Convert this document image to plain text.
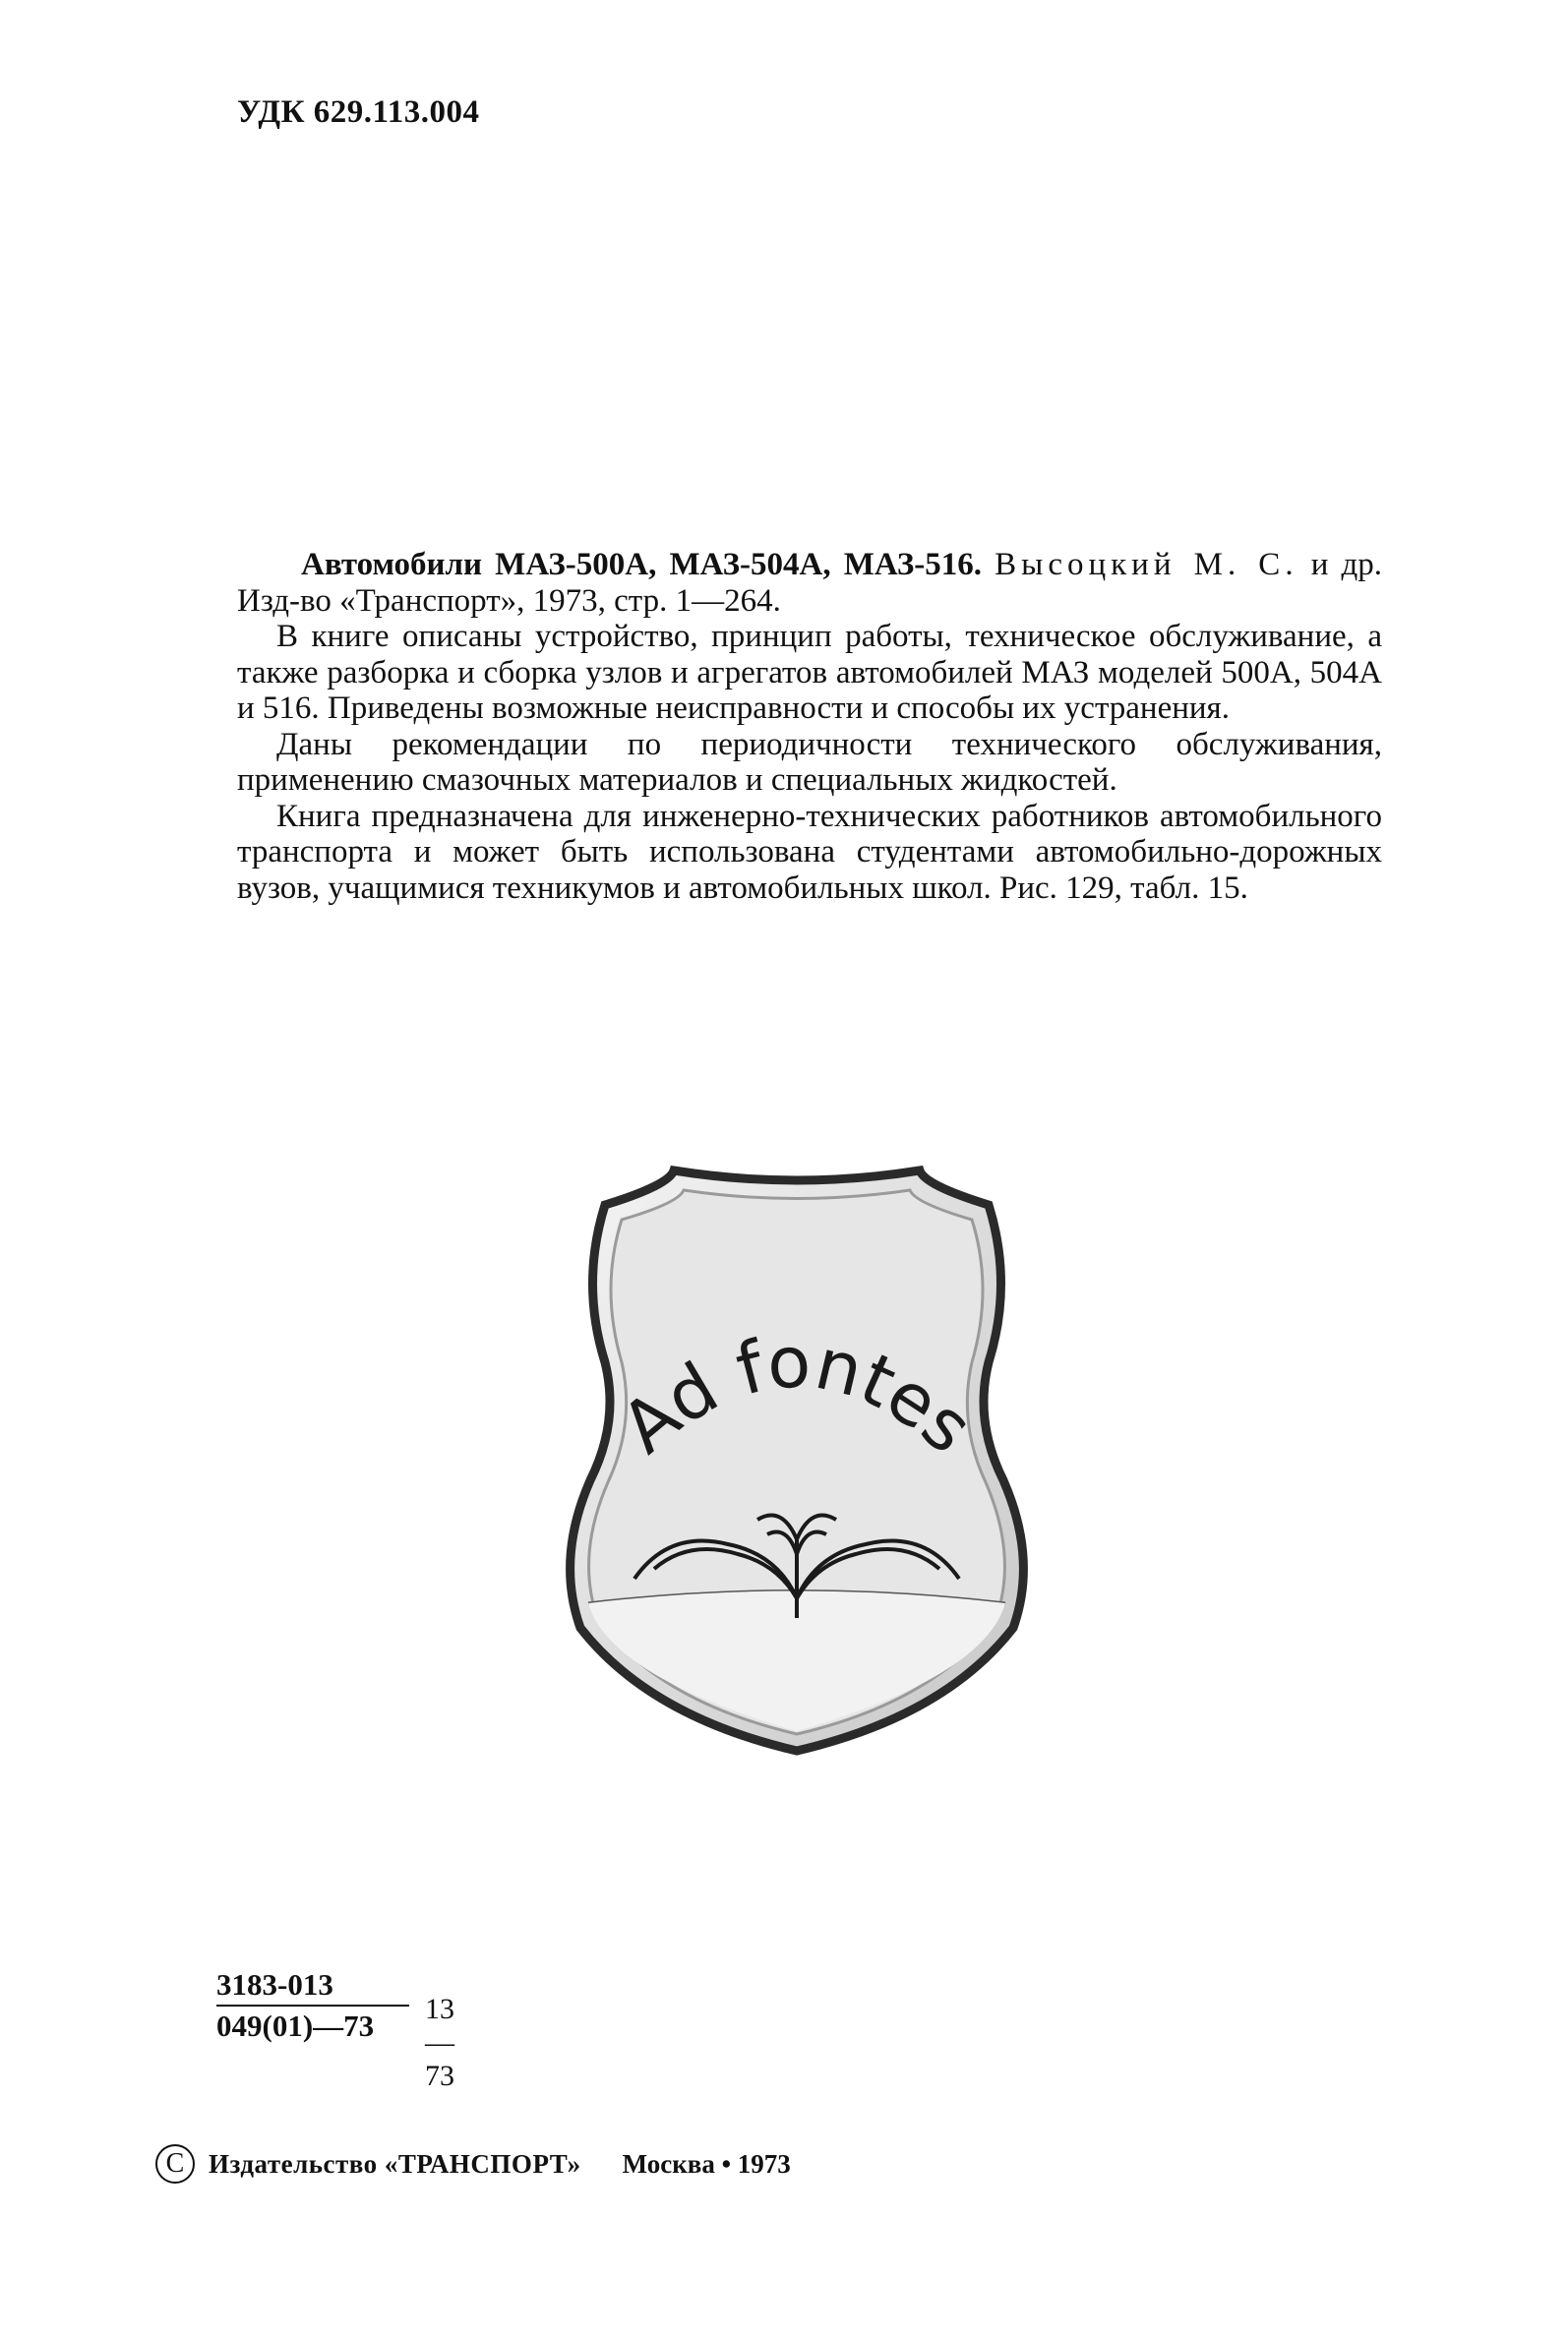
УДК 629.113.004

Автомобили МАЗ-500А, МАЗ-504А, МАЗ-516. Высоцкий М. С. и др. Изд-во «Транспорт», 1973, стр. 1—264.

В книге описаны устройство, принцип работы, техническое обслуживание, а также разборка и сборка узлов и агрегатов автомобилей МАЗ моделей 500А, 504А и 516. Приведены возможные неисправности и способы их устранения.

Даны рекомендации по периодичности технического обслуживания, применению смазочных материалов и специальных жидкостей.

Книга предназначена для инженерно-технических работников автомобильного транспорта и может быть использована студентами автомобильно-дорожных вузов, учащимися техникумов и автомобильных школ. Рис. 129, табл. 15.

Ad fontes
3183-013
049(01)—73	13—73
C Издательство «ТРАНСПОРТ» Москва • 1973
